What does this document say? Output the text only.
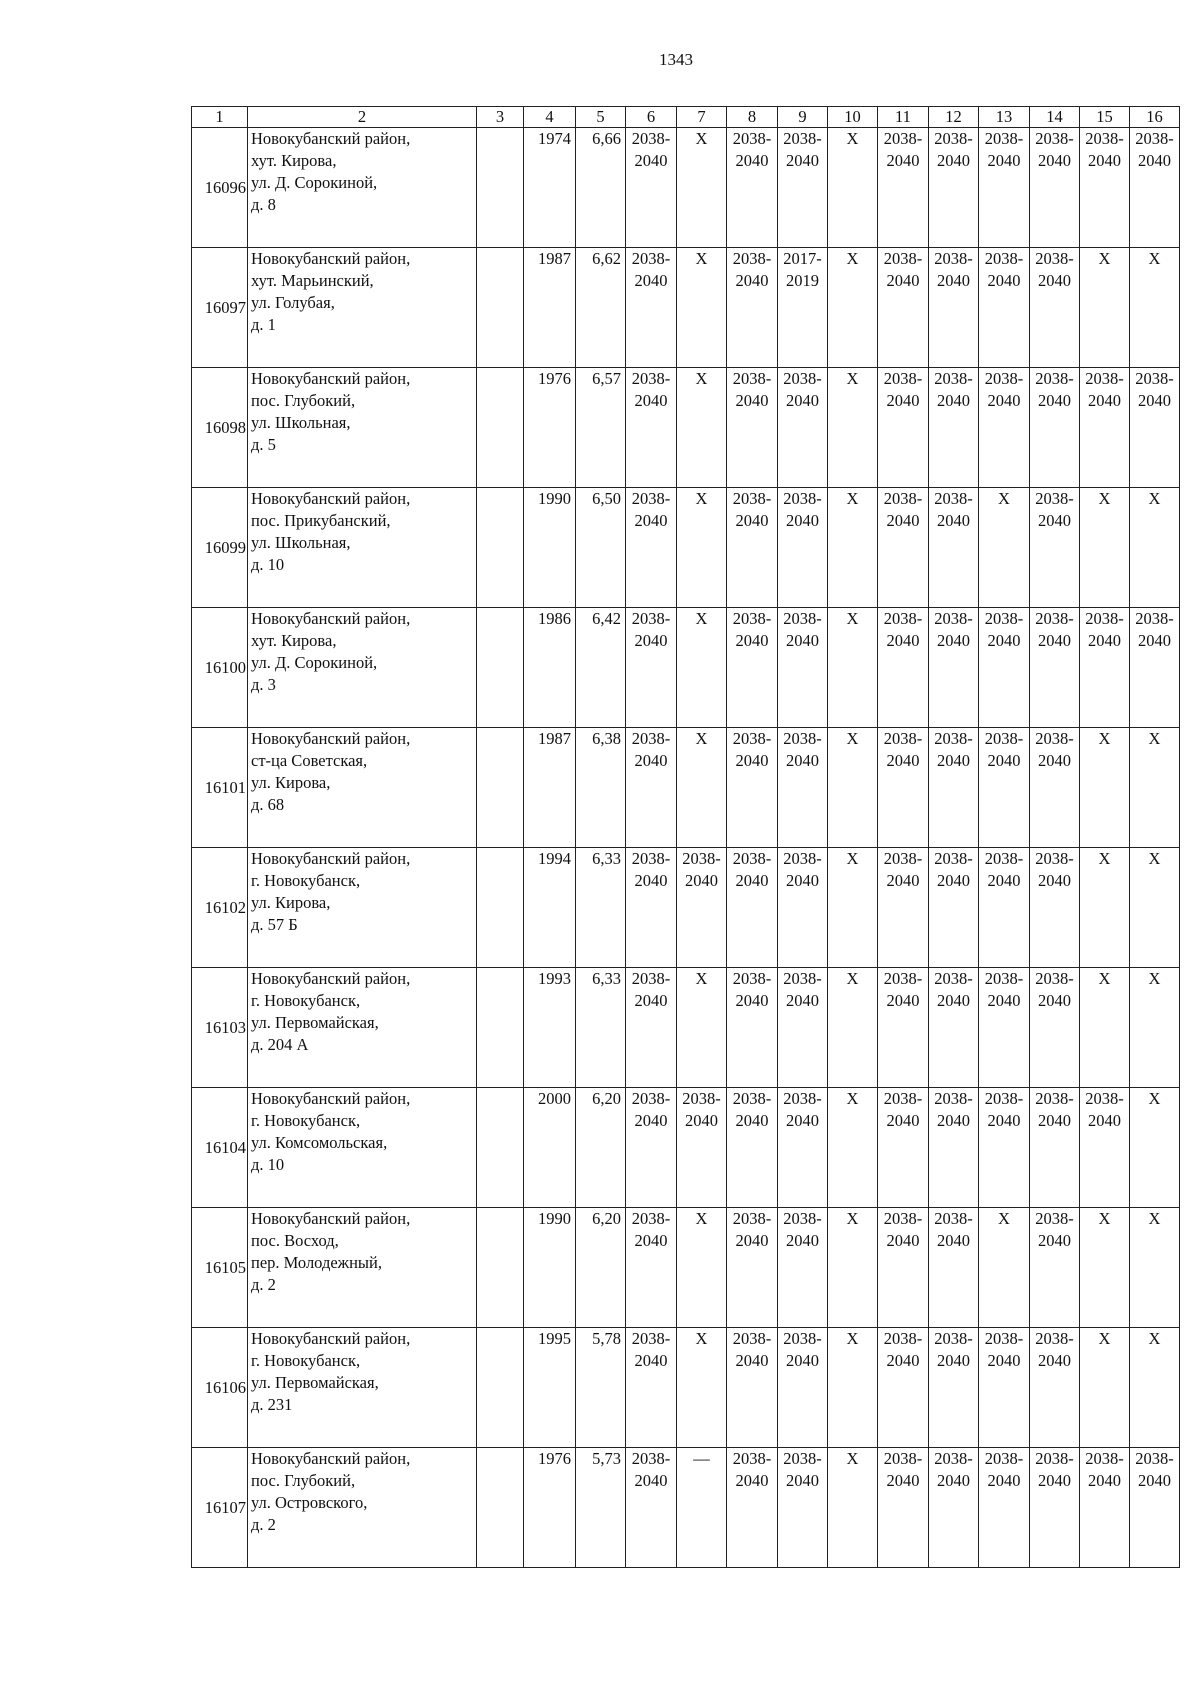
1343
1	2	3	4	5	6	7	8	9	10	11	12	13	14	15	16
16096	Новокубанский район,
хут. Кирова,
ул. Д. Сорокиной,
д. 8		1974	6,66	2038-
2040	X	2038-
2040	2038-
2040	X	2038-
2040	2038-
2040	2038-
2040	2038-
2040	2038-
2040	2038-
2040

16097	Новокубанский район,
хут. Марьинский,
ул. Голубая,
д. 1		1987	6,62	2038-
2040	X	2038-
2040	2017-
2019	X	2038-
2040	2038-
2040	2038-
2040	2038-
2040	X	X

16098	Новокубанский район,
пос. Глубокий,
ул. Школьная,
д. 5		1976	6,57	2038-
2040	X	2038-
2040	2038-
2040	X	2038-
2040	2038-
2040	2038-
2040	2038-
2040	2038-
2040	2038-
2040

16099	Новокубанский район,
пос. Прикубанский,
ул. Школьная,
д. 10		1990	6,50	2038-
2040	X	2038-
2040	2038-
2040	X	2038-
2040	2038-
2040	X	2038-
2040	X	X

16100	Новокубанский район,
хут. Кирова,
ул. Д. Сорокиной,
д. 3		1986	6,42	2038-
2040	X	2038-
2040	2038-
2040	X	2038-
2040	2038-
2040	2038-
2040	2038-
2040	2038-
2040	2038-
2040

16101	Новокубанский район,
ст-ца Советская,
ул. Кирова,
д. 68		1987	6,38	2038-
2040	X	2038-
2040	2038-
2040	X	2038-
2040	2038-
2040	2038-
2040	2038-
2040	X	X

16102	Новокубанский район,
г. Новокубанск,
ул. Кирова,
д. 57 Б		1994	6,33	2038-
2040	2038-
2040	2038-
2040	2038-
2040	X	2038-
2040	2038-
2040	2038-
2040	2038-
2040	X	X

16103	Новокубанский район,
г. Новокубанск,
ул. Первомайская,
д. 204 А		1993	6,33	2038-
2040	X	2038-
2040	2038-
2040	X	2038-
2040	2038-
2040	2038-
2040	2038-
2040	X	X

16104	Новокубанский район,
г. Новокубанск,
ул. Комсомольская,
д. 10		2000	6,20	2038-
2040	2038-
2040	2038-
2040	2038-
2040	X	2038-
2040	2038-
2040	2038-
2040	2038-
2040	2038-
2040	X

16105	Новокубанский район,
пос. Восход,
пер. Молодежный,
д. 2		1990	6,20	2038-
2040	X	2038-
2040	2038-
2040	X	2038-
2040	2038-
2040	X	2038-
2040	X	X

16106	Новокубанский район,
г. Новокубанск,
ул. Первомайская,
д. 231		1995	5,78	2038-
2040	X	2038-
2040	2038-
2040	X	2038-
2040	2038-
2040	2038-
2040	2038-
2040	X	X

16107	Новокубанский район,
пос. Глубокий,
ул. Островского,
д. 2		1976	5,73	2038-
2040	—	2038-
2040	2038-
2040	X	2038-
2040	2038-
2040	2038-
2040	2038-
2040	2038-
2040	2038-
2040
